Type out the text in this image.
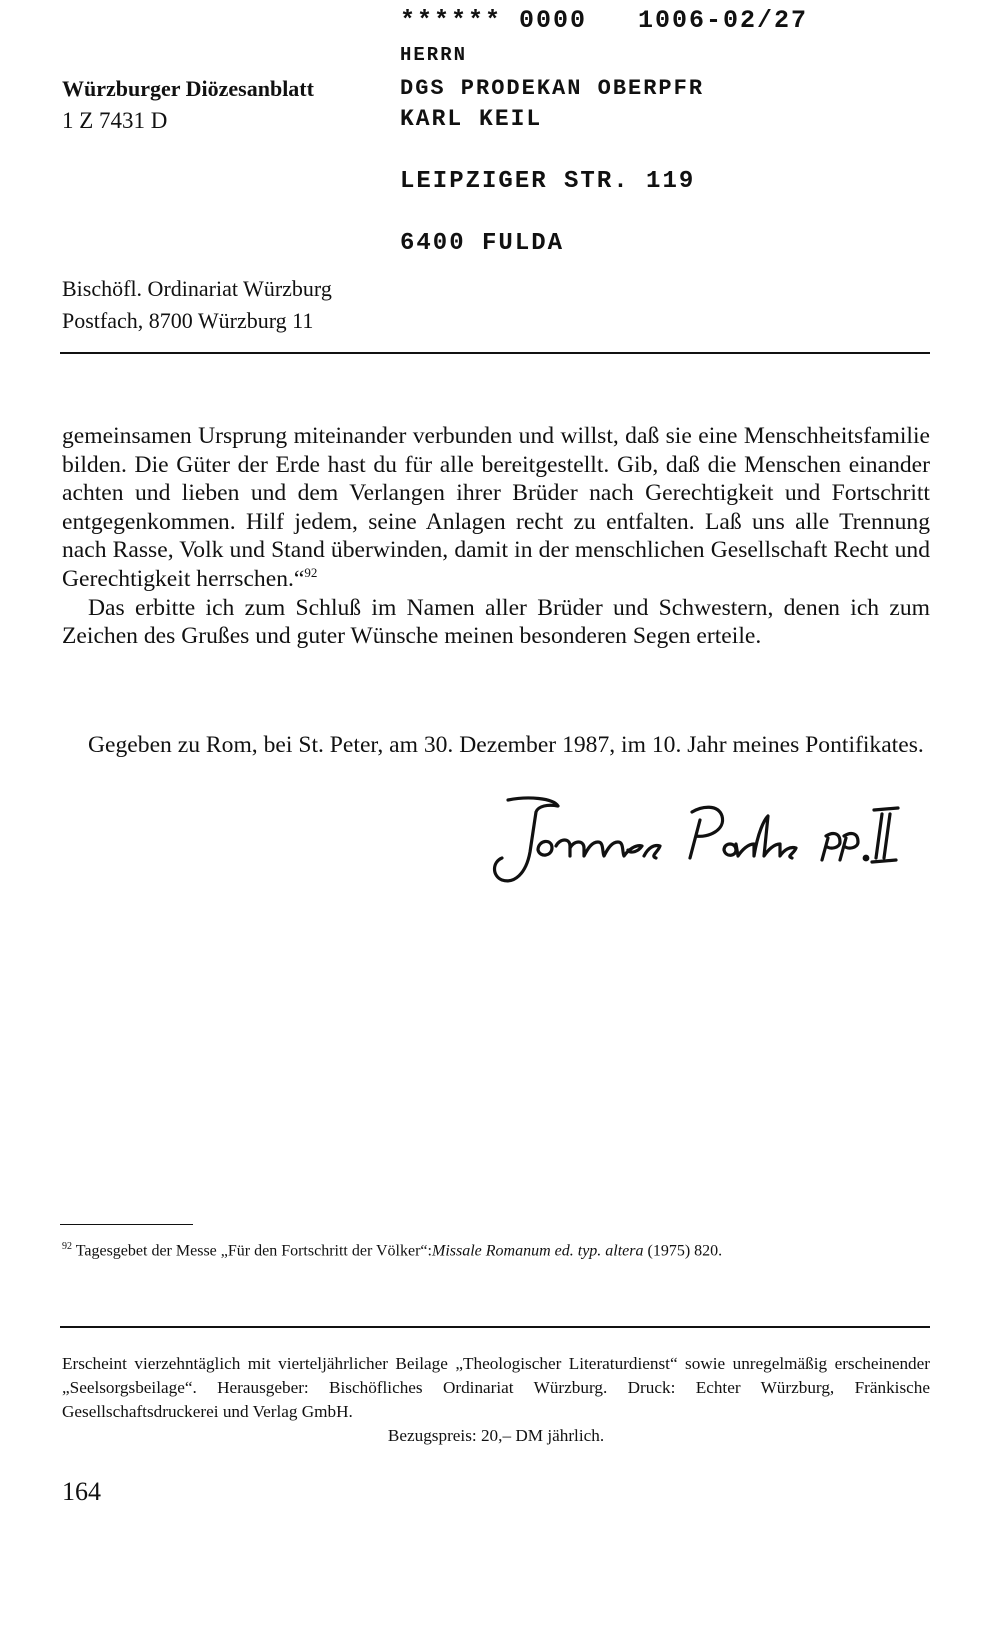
Würzburger Diözesanblatt
1 Z 7431 D
Bischöfl. Ordinariat Würzburg
Postfach, 8700 Würzburg 11
****** 0000   1006-02/27
HERRN
DGS PRODEKAN OBERPFR
KARL KEIL
LEIPZIGER STR. 119
6400 FULDA

gemeinsamen Ursprung miteinander verbunden und willst, daß sie eine Menschheitsfamilie bilden. Die Güter der Erde hast du für alle bereitgestellt. Gib, daß die Menschen einander achten und lieben und dem Verlangen ihrer Brüder nach Gerechtigkeit und Fortschritt entgegenkommen. Hilf jedem, seine Anlagen recht zu entfalten. Laß uns alle Trennung nach Rasse, Volk und Stand überwinden, damit in der menschlichen Gesellschaft Recht und Gerechtigkeit herrschen.“$^{92}$

Das erbitte ich zum Schluß im Namen aller Brüder und Schwestern, denen ich zum Zeichen des Grußes und guter Wünsche meinen besonderen Segen erteile.

Gegeben zu Rom, bei St. Peter, am 30. Dezember 1987, im 10. Jahr meines Pontifikates.

$^{92}$ Tagesgebet der Messe „Für den Fortschritt der Völker“:Missale Romanum ed. typ. altera (1975) 820.

Erscheint vierzehntäglich mit vierteljährlicher Beilage „Theologischer Literaturdienst“ sowie unregelmäßig erscheinender „Seelsorgsbeilage“. Herausgeber: Bischöfliches Ordinariat Würzburg. Druck: Echter Würzburg, Fränkische Gesellschaftsdruckerei und Verlag GmbH.

Bezugspreis: 20,– DM jährlich.

164
